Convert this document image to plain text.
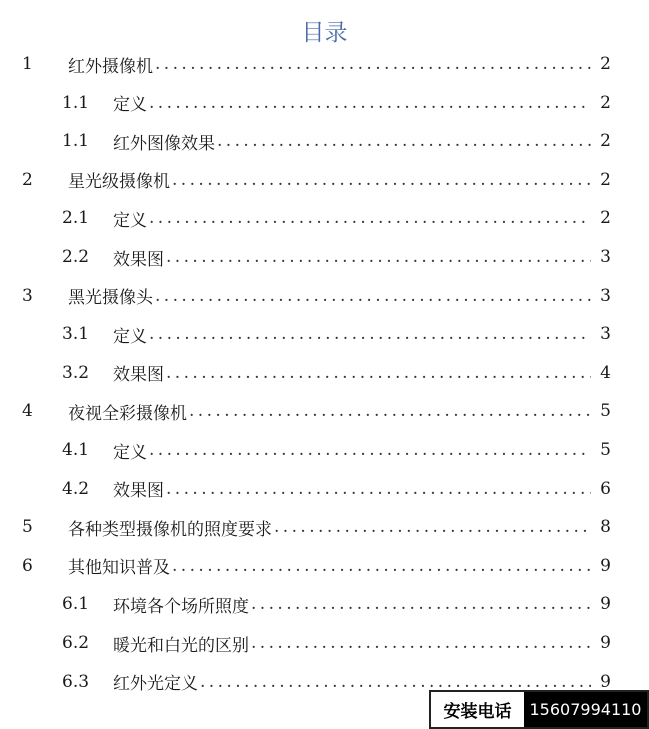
目录
1 红外摄像机 . . .	2
1.1 定义 . . .	2
1.1 红外图像效果 . . .	2
2 星光级摄像机 . . .	2
2.1 定义 . . .	2
2.2 效果图 . . .	3
3 黑光摄像头 . . .	3
3.1 定义 . . .	3
3.2 效果图 . . .	4
4 夜视全彩摄像机 . . .	5
4.1 定义 . . .	5
4.2 效果图 . . .	6
5 各种类型摄像机的照度要求 . . .	8
6 其他知识普及 . . .	9
6.1 环境各个场所照度 . . .	9
6.2 暖光和白光的区别 . . .	9
6.3 红外光定义 . . .	9
安装电话	15607994110
